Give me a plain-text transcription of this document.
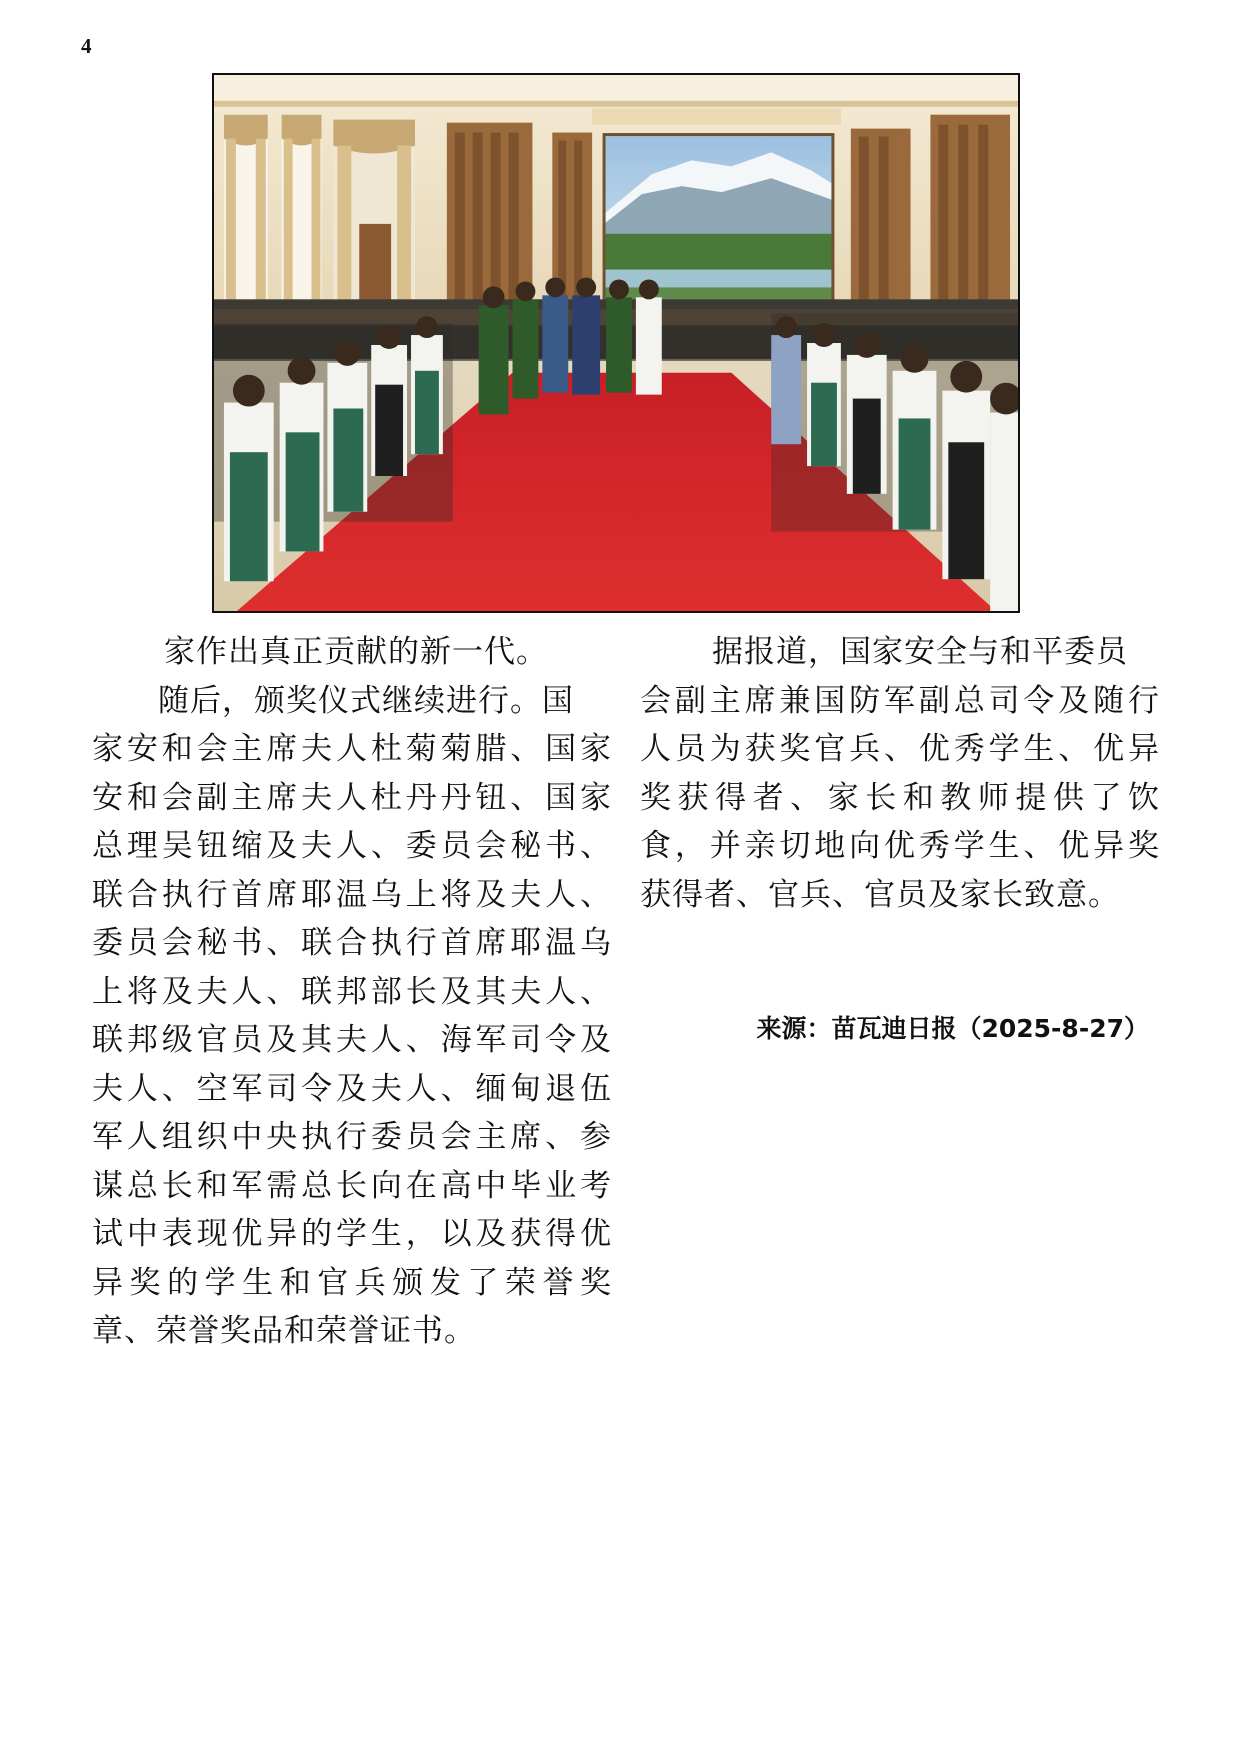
4
家作出真正贡献的新一代。
随后，颁奖仪式继续进行。国
家安和会主席夫人杜菊菊腊、国家
安和会副主席夫人杜丹丹钮、国家
总理吴钮缩及夫人、委员会秘书、
联合执行首席耶温乌上将及夫人、
委员会秘书、联合执行首席耶温乌
上将及夫人、联邦部长及其夫人、
联邦级官员及其夫人、海军司令及
夫人、空军司令及夫人、缅甸退伍
军人组织中央执行委员会主席、参
谋总长和军需总长向在高中毕业考
试中表现优异的学生，以及获得优
异奖的学生和官兵颁发了荣誉奖
章、荣誉奖品和荣誉证书。
据报道，国家安全与和平委员
会副主席兼国防军副总司令及随行
人员为获奖官兵、优秀学生、优异
奖获得者、家长和教师提供了饮
食，并亲切地向优秀学生、优异奖
获得者、官兵、官员及家长致意。
来源：苗瓦迪日报（2025-8-27）
